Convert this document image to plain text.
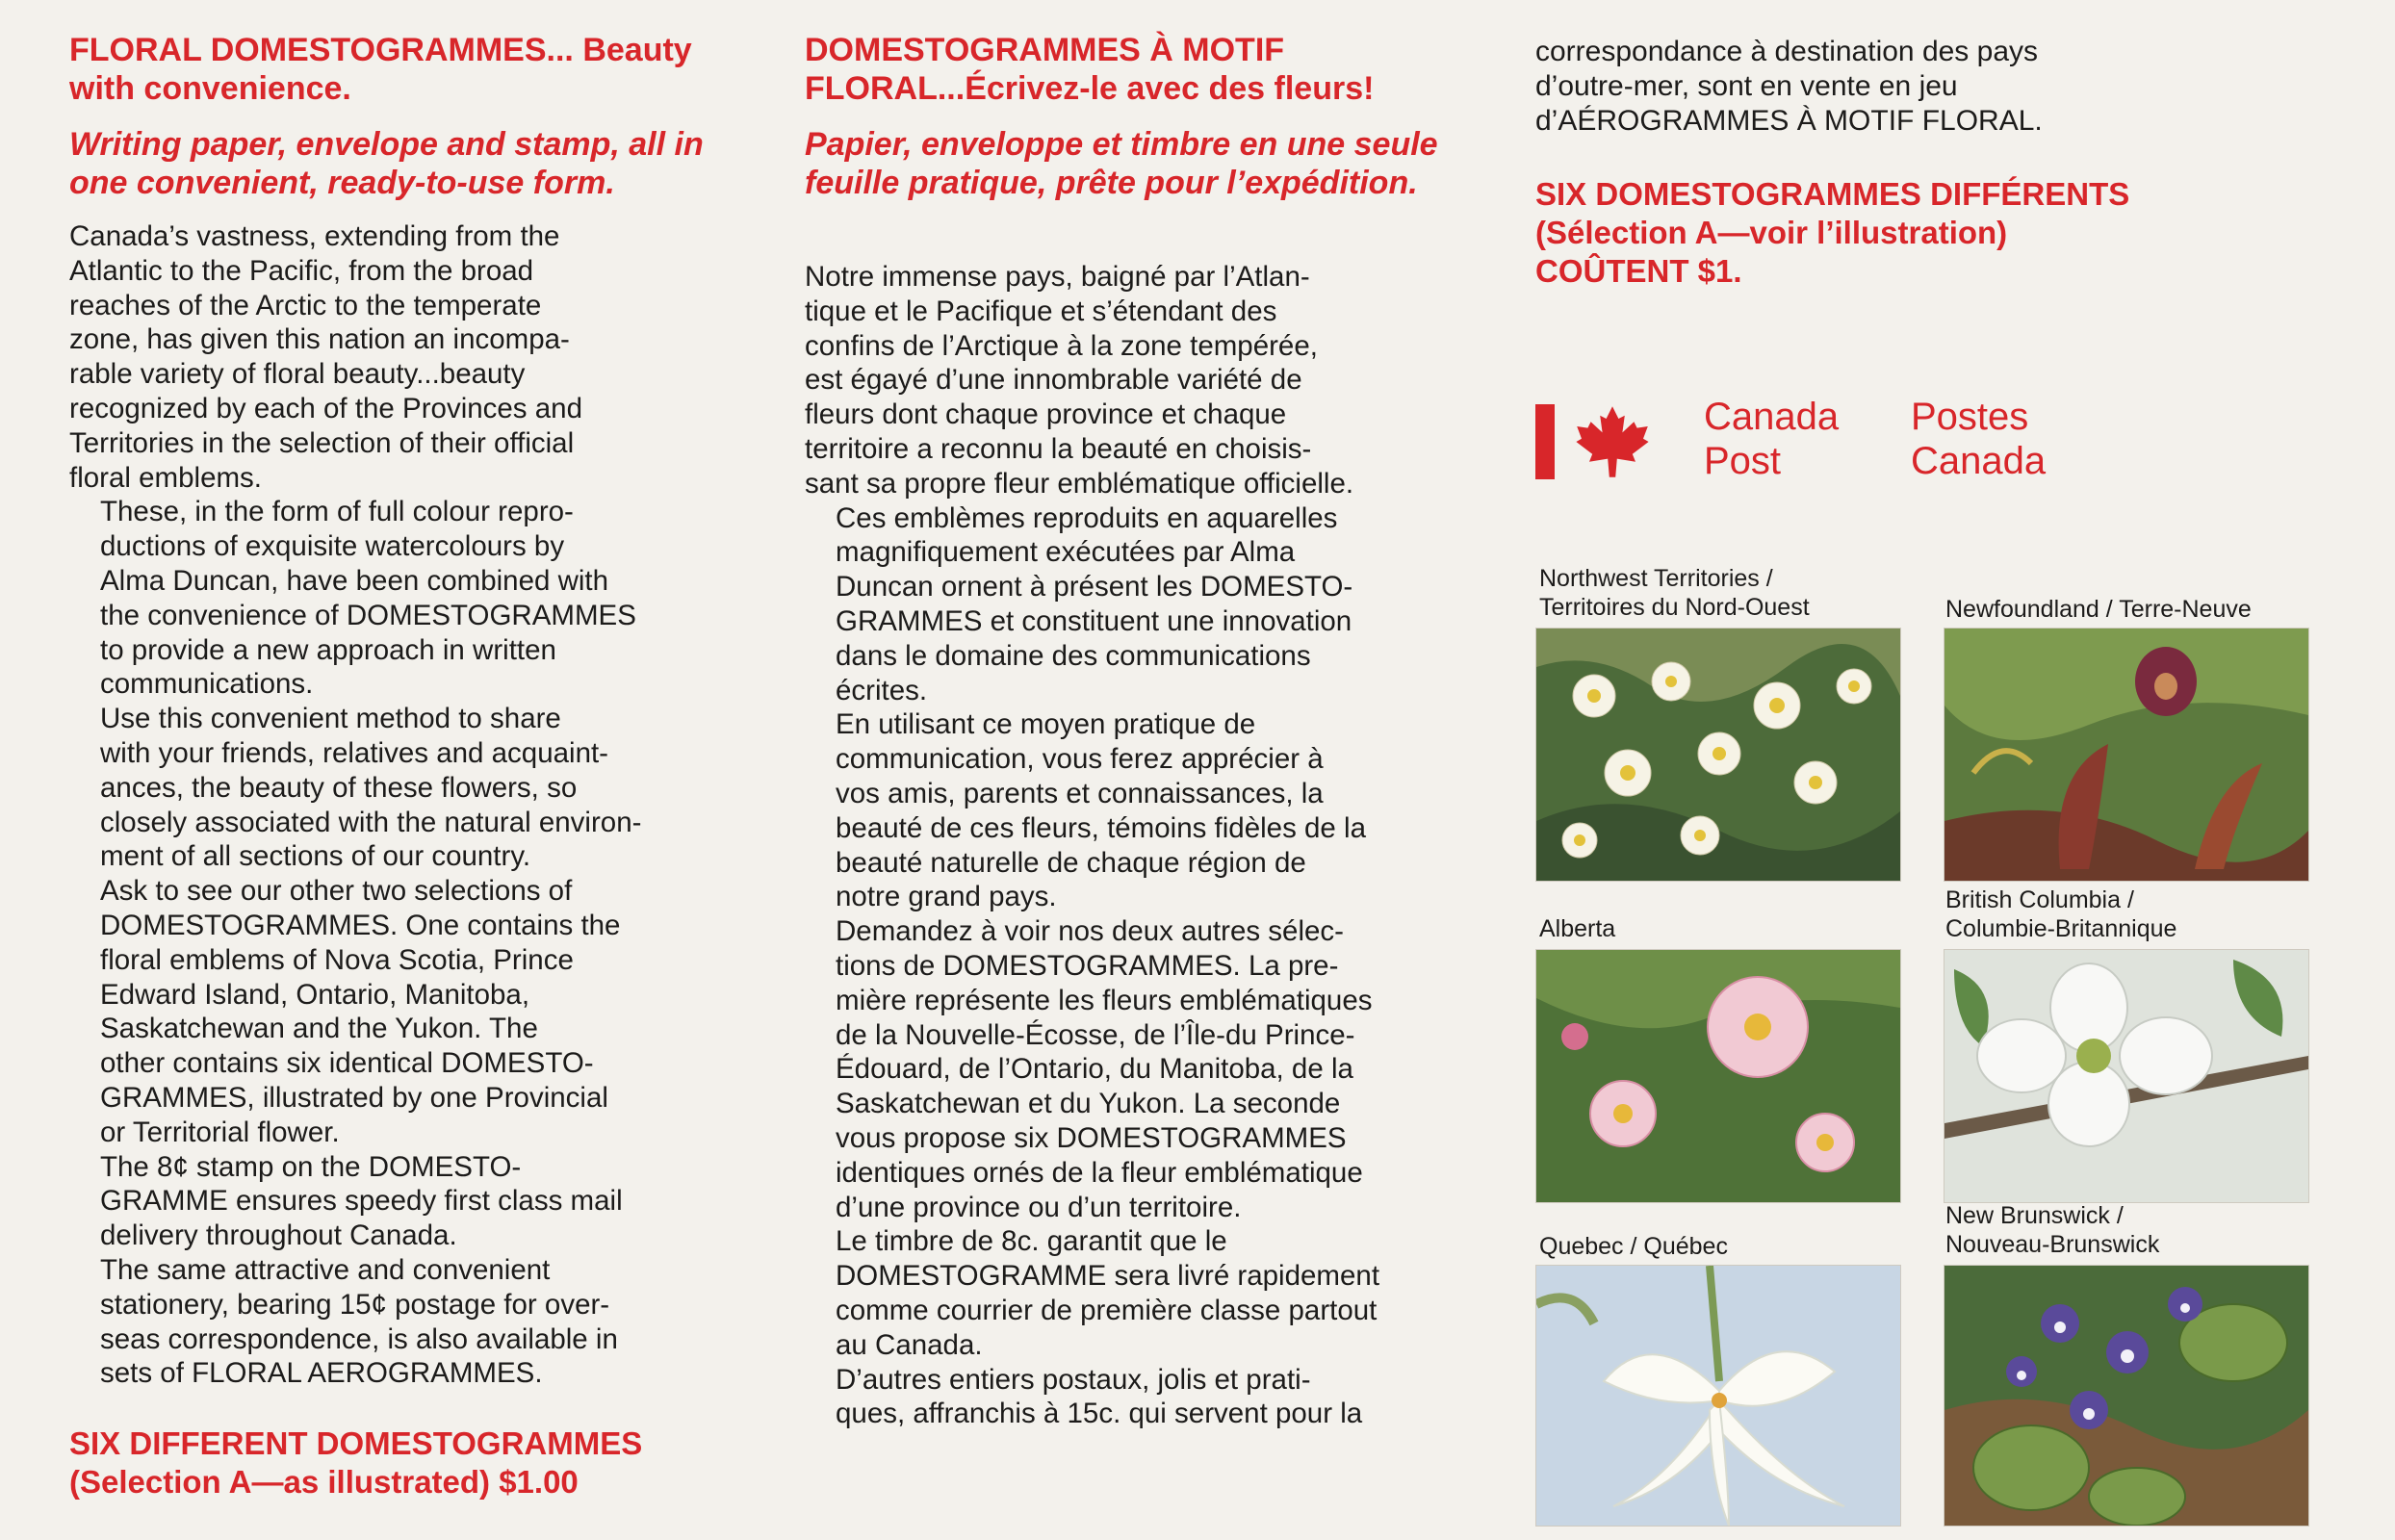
FLORAL DOMESTOGRAMMES... Beauty with convenience.
Writing paper, envelope and stamp, all in one convenient, ready-to-use form.
Canada’s vastness, extending from the
Atlantic to the Pacific, from the broad
reaches of the Arctic to the temperate
zone, has given this nation an incompa-
rable variety of floral beauty...beauty
recognized by each of the Provinces and
Territories in the selection of their official
floral emblems.
These, in the form of full colour repro-
ductions of exquisite watercolours by
Alma Duncan, have been combined with
the convenience of DOMESTOGRAMMES
to provide a new approach in written
communications.
Use this convenient method to share
with your friends, relatives and acquaint-
ances, the beauty of these flowers, so
closely associated with the natural environ-
ment of all sections of our country.
Ask to see our other two selections of
DOMESTOGRAMMES. One contains the
floral emblems of Nova Scotia, Prince
Edward Island, Ontario, Manitoba,
Saskatchewan and the Yukon. The
other contains six identical DOMESTO-
GRAMMES, illustrated by one Provincial
or Territorial flower.
The 8¢ stamp on the DOMESTO-
GRAMME ensures speedy first class mail
delivery throughout Canada.
The same attractive and convenient
stationery, bearing 15¢ postage for over-
seas correspondence, is also available in
sets of FLORAL AEROGRAMMES.
SIX DIFFERENT DOMESTOGRAMMES
(Selection A—as illustrated) $1.00
DOMESTOGRAMMES À MOTIF FLORAL...Écrivez-le avec des fleurs!
Papier, enveloppe et timbre en une seule feuille pratique, prête pour l’expédition.
Notre immense pays, baigné par l’Atlan-
tique et le Pacifique et s’étendant des
confins de l’Arctique à la zone tempérée,
est égayé d’une innombrable variété de
fleurs dont chaque province et chaque
territoire a reconnu la beauté en choisis-
sant sa propre fleur emblématique officielle.
Ces emblèmes reproduits en aquarelles
magnifiquement exécutées par Alma
Duncan ornent à présent les DOMESTO-
GRAMMES et constituent une innovation
dans le domaine des communications
écrites.
En utilisant ce moyen pratique de
communication, vous ferez apprécier à
vos amis, parents et connaissances, la
beauté de ces fleurs, témoins fidèles de la
beauté naturelle de chaque région de
notre grand pays.
Demandez à voir nos deux autres sélec-
tions de DOMESTOGRAMMES. La pre-
mière représente les fleurs emblématiques
de la Nouvelle-Écosse, de l’Île-du Prince-
Édouard, de l’Ontario, du Manitoba, de la
Saskatchewan et du Yukon. La seconde
vous propose six DOMESTOGRAMMES
identiques ornés de la fleur emblématique
d’une province ou d’un territoire.
Le timbre de 8c. garantit que le
DOMESTOGRAMME sera livré rapidement
comme courrier de première classe partout
au Canada.
D’autres entiers postaux, jolis et prati-
ques, affranchis à 15c. qui servent pour la
correspondance à destination des pays
d’outre-mer, sont en vente en jeu
d’AÉROGRAMMES À MOTIF FLORAL.
SIX DOMESTOGRAMMES DIFFÉRENTS
(Sélection A—voir l’illustration)
COÛTENT $1.
Canada
Post
Postes
Canada
Northwest Territories /
Territoires du Nord-Ouest	Newfoundland / Terre-Neuve
Alberta
British Columbia /
Columbie-Britannique
Quebec / Québec
New Brunswick /
Nouveau-Brunswick
